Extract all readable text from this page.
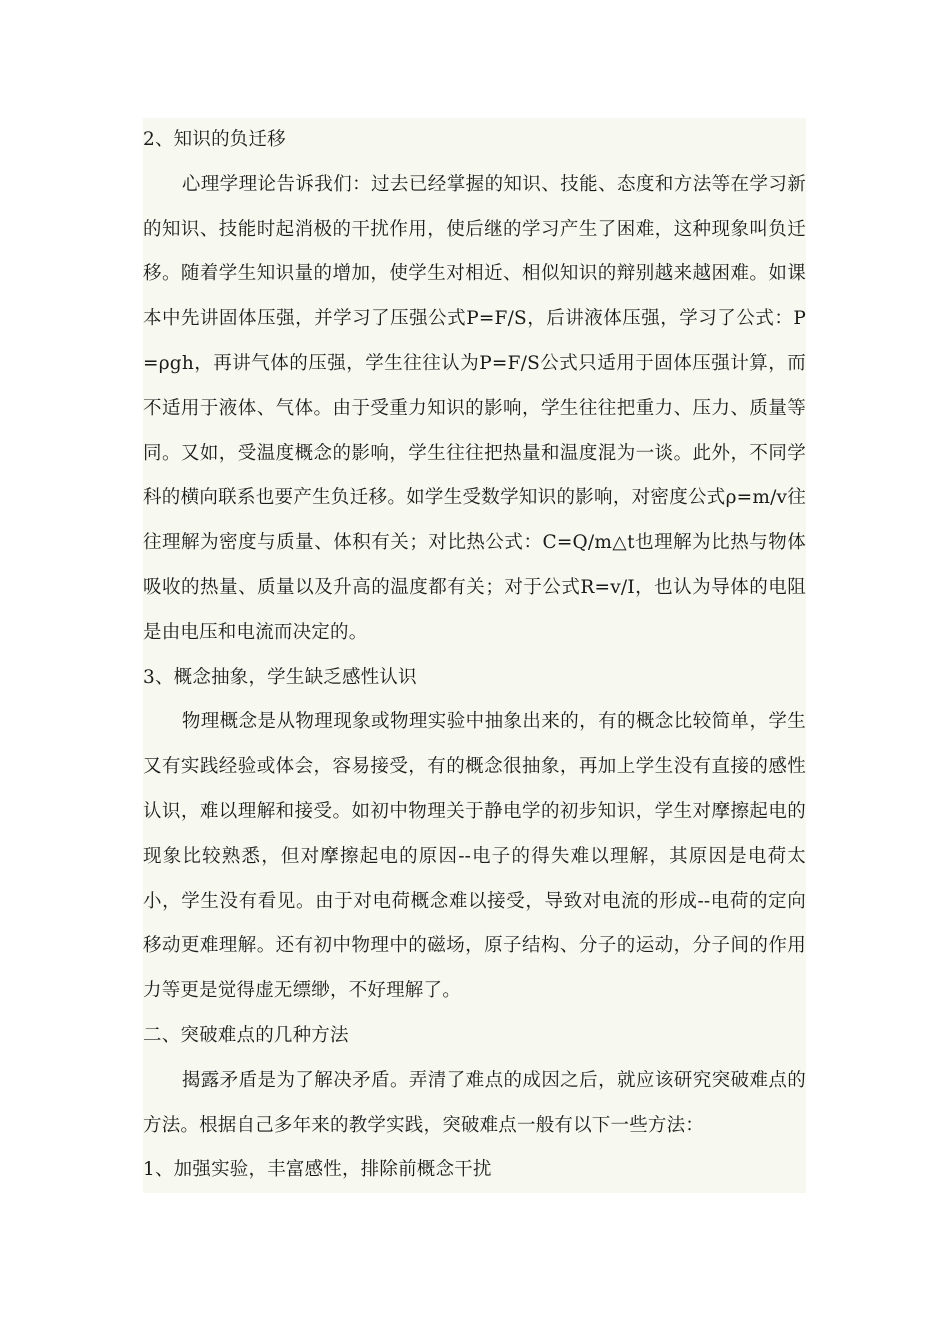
2、知识的负迁移
心理学理论告诉我们：过去已经掌握的知识、技能、态度和方法等在学习新的知识、技能时起消极的干扰作用，使后继的学习产生了困难，这种现象叫负迁移。随着学生知识量的增加，使学生对相近、相似知识的辩别越来越困难。如课本中先讲固体压强，并学习了压强公式P=F/S，后讲液体压强，学习了公式：P=ρgh，再讲气体的压强，学生往往认为P=F/S公式只适用于固体压强计算，而不适用于液体、气体。由于受重力知识的影响，学生往往把重力、压力、质量等同。又如，受温度概念的影响，学生往往把热量和温度混为一谈。此外，不同学科的横向联系也要产生负迁移。如学生受数学知识的影响，对密度公式ρ=m/v往往理解为密度与质量、体积有关；对比热公式：C=Q/m△t也理解为比热与物体吸收的热量、质量以及升高的温度都有关；对于公式R=v/I，也认为导体的电阻是由电压和电流而决定的。
3、概念抽象，学生缺乏感性认识
物理概念是从物理现象或物理实验中抽象出来的，有的概念比较简单，学生又有实践经验或体会，容易接受，有的概念很抽象，再加上学生没有直接的感性认识，难以理解和接受。如初中物理关于静电学的初步知识，学生对摩擦起电的现象比较熟悉，但对摩擦起电的原因--电子的得失难以理解，其原因是电荷太小，学生没有看见。由于对电荷概念难以接受，导致对电流的形成--电荷的定向移动更难理解。还有初中物理中的磁场，原子结构、分子的运动，分子间的作用力等更是觉得虚无缥缈，不好理解了。
二、突破难点的几种方法
揭露矛盾是为了解决矛盾。弄清了难点的成因之后，就应该研究突破难点的方法。根据自己多年来的教学实践，突破难点一般有以下一些方法：
1、加强实验，丰富感性，排除前概念干扰
